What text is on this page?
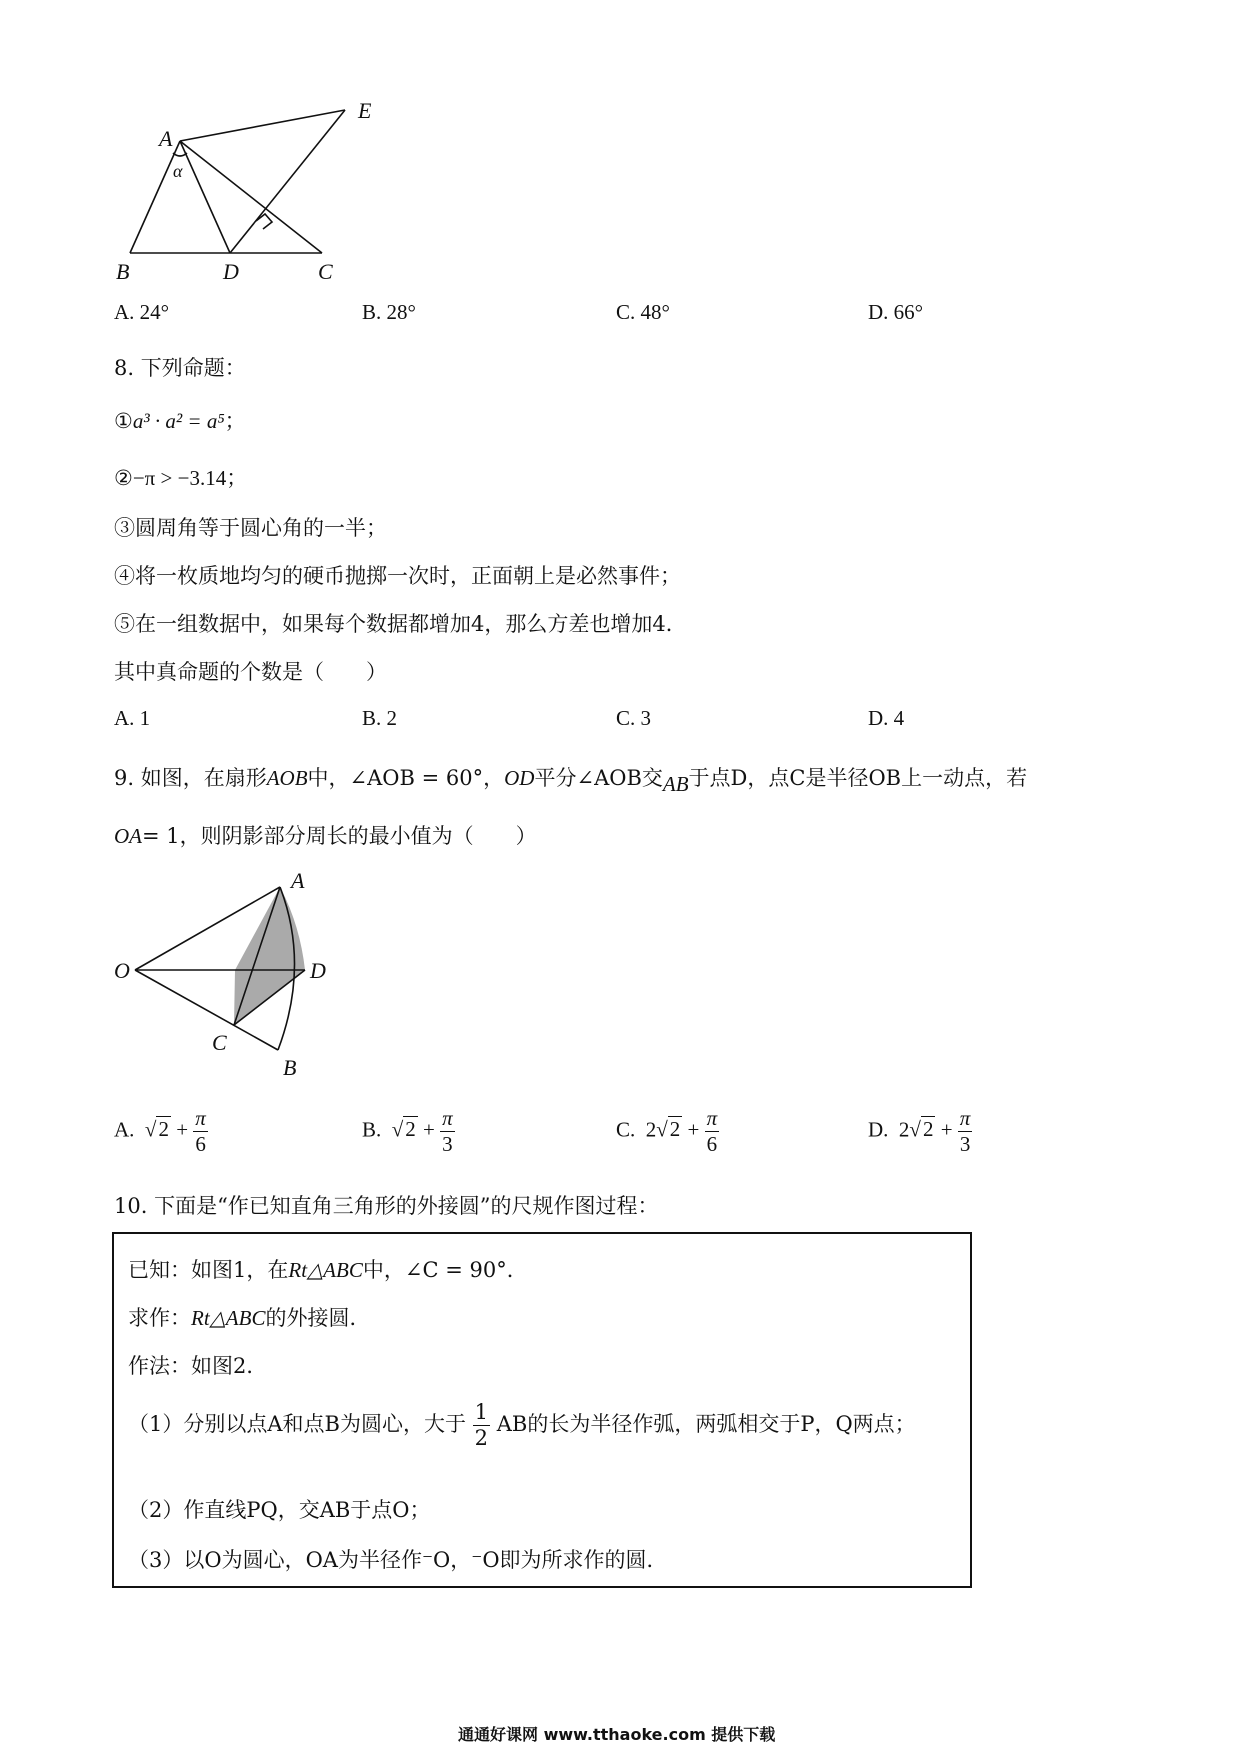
A
E
α
B	D	C
A. 24°	B. 28°	C. 48°	D. 66°
8. 下列命题：
①a³ · a² = a⁵；
②−π > −3.14；
③圆周角等于圆心角的一半；
④将一枚质地均匀的硬币抛掷一次时，正面朝上是必然事件；
⑤在一组数据中，如果每个数据都增加4，那么方差也增加4．
其中真命题的个数是（　　）
A. 1	B. 2	C. 3	D. 4
9. 如图，在扇形AOB中，∠AOB = 60°，OD平分∠AOB交AB于点D，点C是半径OB上一动点，若
OA= 1，则阴影部分周长的最小值为（　　）
A
O	D
C
B
A. $√2 + \frac{\pi}{6}$	B. $√2 + \frac{\pi}{3}$	C. $2√2 + \frac{\pi}{6}$	D. $2√2 + \frac{\pi}{3}$
10. 下面是“作已知直角三角形的外接圆”的尺规作图过程：
已知：如图1，在Rt△ABC中，∠C = 90°．
求作：Rt△ABC的外接圆．
作法：如图2．
（1）分别以点A和点B为圆心，大于 $\frac{1}{2}$ AB的长为半径作弧，两弧相交于P，Q两点；
（2）作直线PQ，交AB于点O；
（3）以O为圆心，OA为半径作⁻O，⁻O即为所求作的圆．
通通好课网 www.tthaoke.com 提供下载
